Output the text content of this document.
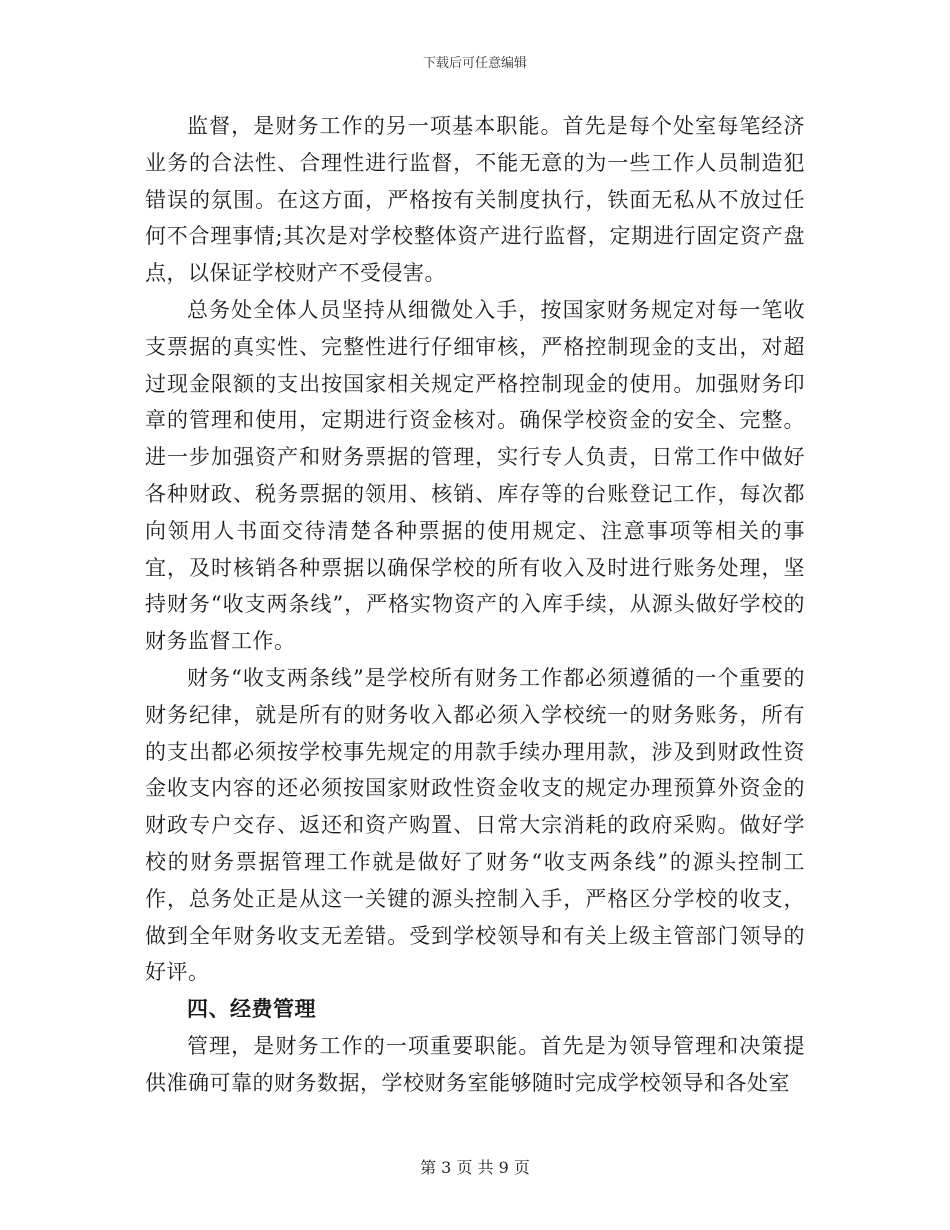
下载后可任意编辑

监督，是财务工作的另一项基本职能。首先是每个处室每笔经济业务的合法性、合理性进行监督，不能无意的为一些工作人员制造犯错误的氛围。在这方面，严格按有关制度执行，铁面无私从不放过任何不合理事情;其次是对学校整体资产进行监督，定期进行固定资产盘点，以保证学校财产不受侵害。

总务处全体人员坚持从细微处入手，按国家财务规定对每一笔收支票据的真实性、完整性进行仔细审核，严格控制现金的支出，对超过现金限额的支出按国家相关规定严格控制现金的使用。加强财务印章的管理和使用，定期进行资金核对。确保学校资金的安全、完整。进一步加强资产和财务票据的管理，实行专人负责，日常工作中做好各种财政、税务票据的领用、核销、库存等的台账登记工作，每次都向领用人书面交待清楚各种票据的使用规定、注意事项等相关的事宜，及时核销各种票据以确保学校的所有收入及时进行账务处理，坚持财务“收支两条线”，严格实物资产的入库手续，从源头做好学校的财务监督工作。

财务“收支两条线”是学校所有财务工作都必须遵循的一个重要的财务纪律，就是所有的财务收入都必须入学校统一的财务账务，所有的支出都必须按学校事先规定的用款手续办理用款，涉及到财政性资金收支内容的还必须按国家财政性资金收支的规定办理预算外资金的财政专户交存、返还和资产购置、日常大宗消耗的政府采购。做好学校的财务票据管理工作就是做好了财务“收支两条线”的源头控制工作，总务处正是从这一关键的源头控制入手，严格区分学校的收支，做到全年财务收支无差错。受到学校领导和有关上级主管部门领导的好评。

四、经费管理

管理，是财务工作的一项重要职能。首先是为领导管理和决策提供准确可靠的财务数据，学校财务室能够随时完成学校领导和各处室

第 3 页 共 9 页
